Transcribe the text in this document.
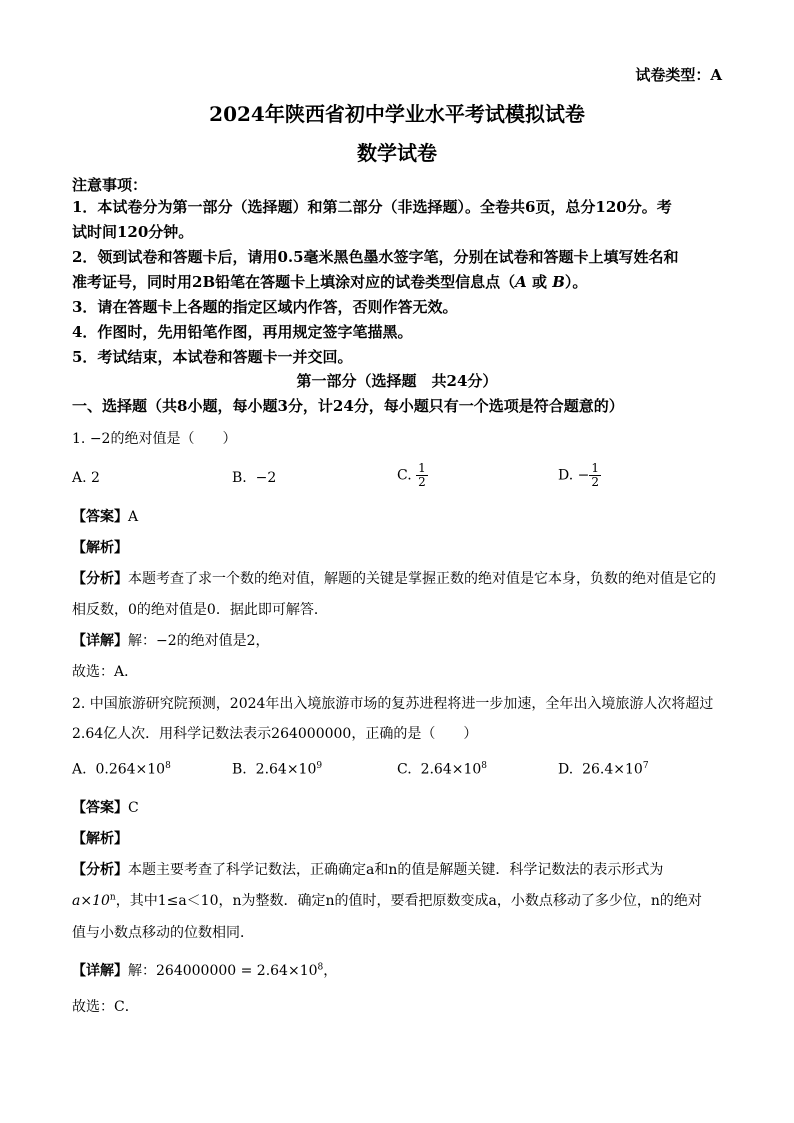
试卷类型：A
2024年陕西省初中学业水平考试模拟试卷
数学试卷
注意事项：
1．本试卷分为第一部分（选择题）和第二部分（非选择题）。全卷共6页，总分120分。考
试时间120分钟。
2．领到试卷和答题卡后，请用0.5毫米黑色墨水签字笔，分别在试卷和答题卡上填写姓名和
准考证号，同时用2B铅笔在答题卡上填涂对应的试卷类型信息点（A 或 B）。
3．请在答题卡上各题的指定区域内作答，否则作答无效。
4．作图时，先用铅笔作图，再用规定签字笔描黑。
5．考试结束，本试卷和答题卡一并交回。
第一部分（选择题　共24分）
一、选择题（共8小题，每小题3分，计24分，每小题只有一个选项是符合题意的）
1. −2的绝对值是（　　）
A. 2	B. −2	C. $\frac{1}{2}$	D. − $\frac{1}{2}$
【答案】A
【解析】
【分析】本题考查了求一个数的绝对值，解题的关键是掌握正数的绝对值是它本身，负数的绝对值是它的
相反数，0的绝对值是0．据此即可解答．
【详解】解：−2的绝对值是2，
故选：A．
2. 中国旅游研究院预测，2024年出入境旅游市场的复苏进程将进一步加速，全年出入境旅游人次将超过
2.64亿人次．用科学记数法表示264000000，正确的是（　　）
A. $0.264\times 10^8$	B. $2.64\times 10^9$	C. $2.64\times 10^8$	D. $26.4\times 10^7$
【答案】C
【解析】
【分析】本题主要考查了科学记数法，正确确定a和n的值是解题关键．科学记数法的表示形式为
$a\times 10^n$，其中1≤a＜10，n为整数．确定n的值时，要看把原数变成a，小数点移动了多少位，n的绝对
值与小数点移动的位数相同．
【详解】解：$264000000 = 2.64\times 10^8$，
故选：C．
